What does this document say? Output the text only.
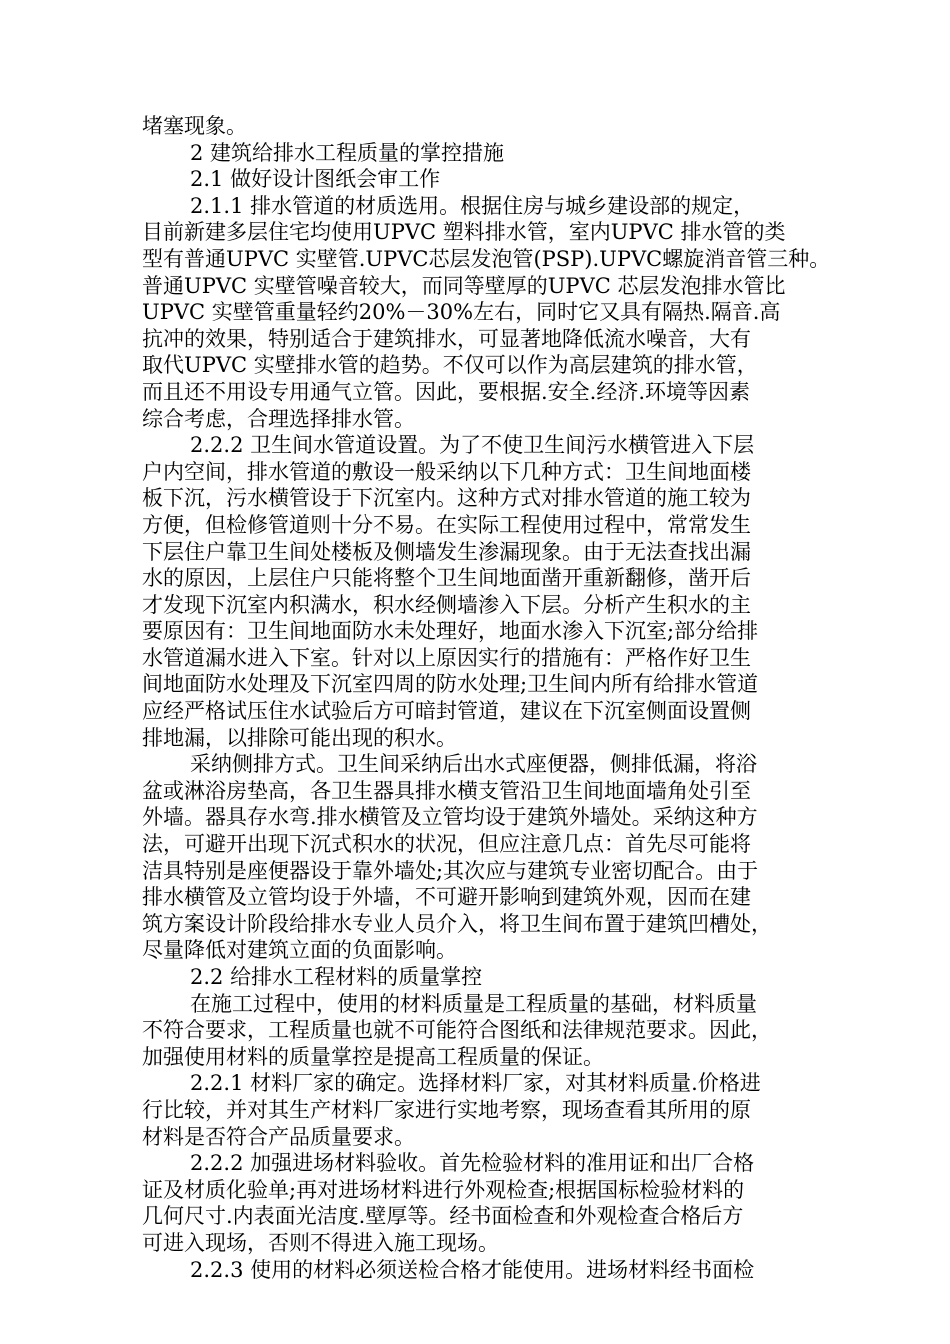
堵塞现象。
2 建筑给排水工程质量的掌控措施
2.1 做好设计图纸会审工作
2.1.1 排水管道的材质选用。根据住房与城乡建设部的规定，
目前新建多层住宅均使用UPVC 塑料排水管，室内UPVC 排水管的类
型有普通UPVC 实壁管.UPVC芯层发泡管(PSP).UPVC螺旋消音管三种。
普通UPVC 实壁管噪音较大，而同等壁厚的UPVC 芯层发泡排水管比
UPVC 实壁管重量轻约20%－30%左右，同时它又具有隔热.隔音.高
抗冲的效果，特别适合于建筑排水，可显著地降低流水噪音，大有
取代UPVC 实壁排水管的趋势。不仅可以作为高层建筑的排水管，
而且还不用设专用通气立管。因此，要根据.安全.经济.环境等因素
综合考虑，合理选择排水管。
2.2.2 卫生间水管道设置。为了不使卫生间污水横管进入下层
户内空间，排水管道的敷设一般采纳以下几种方式：卫生间地面楼
板下沉，污水横管设于下沉室内。这种方式对排水管道的施工较为
方便，但检修管道则十分不易。在实际工程使用过程中，常常发生
下层住户靠卫生间处楼板及侧墙发生渗漏现象。由于无法查找出漏
水的原因，上层住户只能将整个卫生间地面凿开重新翻修，凿开后
才发现下沉室内积满水，积水经侧墙渗入下层。分析产生积水的主
要原因有：卫生间地面防水未处理好，地面水渗入下沉室;部分给排
水管道漏水进入下室。针对以上原因实行的措施有：严格作好卫生
间地面防水处理及下沉室四周的防水处理;卫生间内所有给排水管道
应经严格试压住水试验后方可暗封管道，建议在下沉室侧面设置侧
排地漏，以排除可能出现的积水。
采纳侧排方式。卫生间采纳后出水式座便器，侧排低漏，将浴
盆或淋浴房垫高，各卫生器具排水横支管沿卫生间地面墙角处引至
外墙。器具存水弯.排水横管及立管均设于建筑外墙处。采纳这种方
法，可避开出现下沉式积水的状况，但应注意几点：首先尽可能将
洁具特别是座便器设于靠外墙处;其次应与建筑专业密切配合。由于
排水横管及立管均设于外墙，不可避开影响到建筑外观，因而在建
筑方案设计阶段给排水专业人员介入，将卫生间布置于建筑凹槽处，
尽量降低对建筑立面的负面影响。
2.2 给排水工程材料的质量掌控
在施工过程中，使用的材料质量是工程质量的基础，材料质量
不符合要求，工程质量也就不可能符合图纸和法律规范要求。因此，
加强使用材料的质量掌控是提高工程质量的保证。
2.2.1 材料厂家的确定。选择材料厂家，对其材料质量.价格进
行比较，并对其生产材料厂家进行实地考察，现场查看其所用的原
材料是否符合产品质量要求。
2.2.2 加强进场材料验收。首先检验材料的准用证和出厂合格
证及材质化验单;再对进场材料进行外观检查;根据国标检验材料的
几何尺寸.内表面光洁度.壁厚等。经书面检查和外观检查合格后方
可进入现场，否则不得进入施工现场。
2.2.3 使用的材料必须送检合格才能使用。进场材料经书面检
